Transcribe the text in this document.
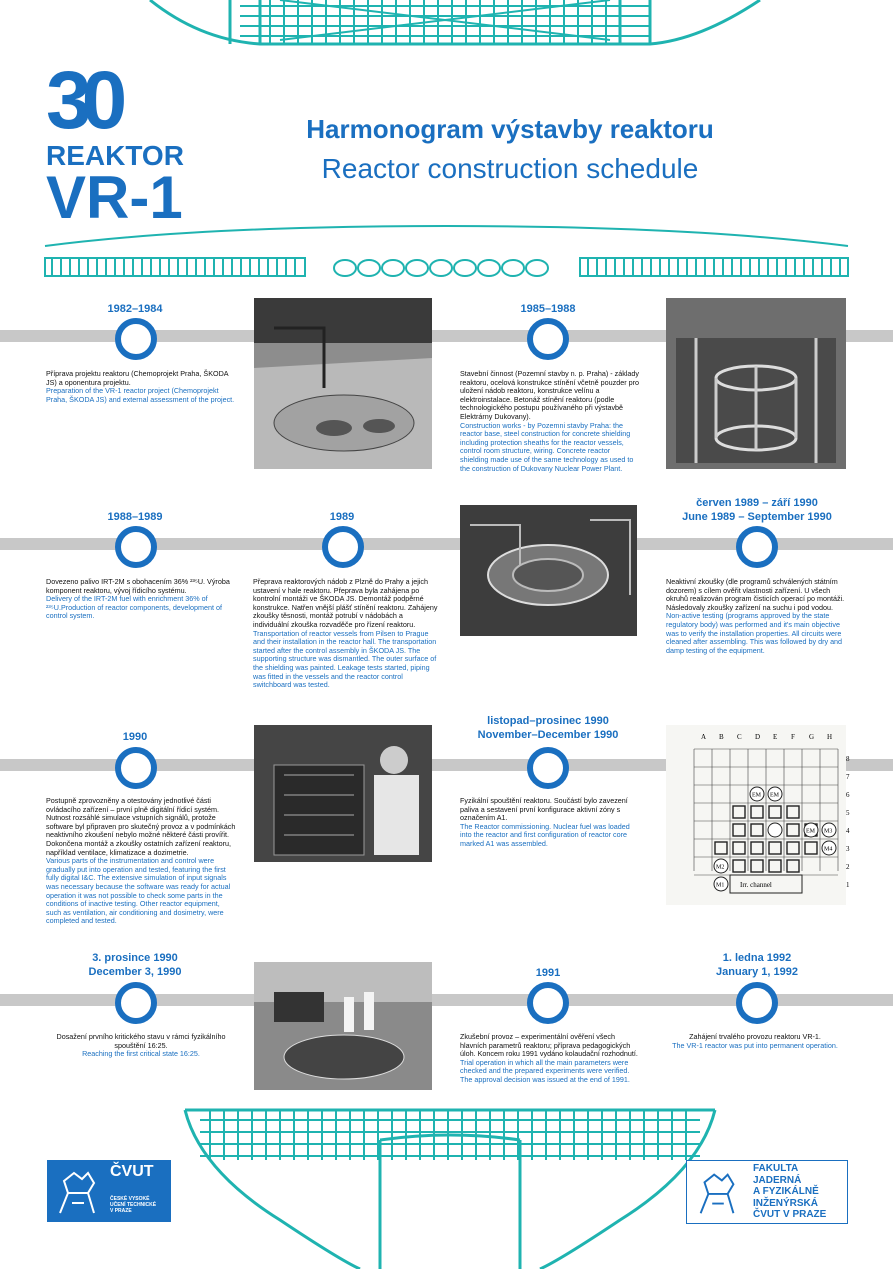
30
REAKTOR
VR-1
Harmonogram výstavby reaktoru
Reactor construction schedule
1982–1984
Příprava projektu reaktoru (Chemoprojekt Praha, ŠKODA JS) a oponentura projektu.
Preparation of the VR-1 reactor project (Chemoprojekt Praha, ŠKODA JS) and external assessment of the project.
1985–1988
Stavební činnost (Pozemní stavby n. p. Praha) - základy reaktoru, ocelová konstrukce stínění včetně pouzder pro uložení nádob reaktoru, konstrukce velínu a elektroinstalace. Betonáž stínění reaktoru (podle technologického postupu používaného při výstavbě Elektrárny Dukovany).
Construction works - by Pozemni stavby Praha: the reactor base, steel construction for concrete shielding including protection sheaths for the reactor vessels, control room structure, wiring. Concrete reactor shielding made use of the same technology as used to the construction of Dukovany Nuclear Power Plant.
1988–1989
Dovezeno palivo IRT-2M s obohacením 36% ²³⁵U. Výroba komponent reaktoru, vývoj řídicího systému.
Delivery of the IRT-2M fuel with enrichment 36% of ²³⁵U.Production of reactor components, development of control system.
1989
Přeprava reaktorových nádob z Plzně do Prahy a jejich ustavení v hale reaktoru. Přeprava byla zahájena po kontrolní montáži ve ŠKODA JS. Demontáž podpěrné konstrukce. Natřen vnější plášť stínění reaktoru. Zahájeny zkoušky těsnosti, montáž potrubí v nádobách a individuální zkouška rozvaděče pro řízení reaktoru.
Transportation of reactor vessels from Pilsen to Prague and their installation in the reactor hall. The transportation started after the control assembly in ŠKODA JS. The supporting structure was dismantled. The outer surface of the shielding was painted. Leakage tests started, piping was fitted in the vessels and the reactor control switchboard was tested.
červen 1989 – září 1990
June 1989 – September 1990
Neaktivní zkoušky (dle programů schválených státním dozorem) s cílem ověřit vlastnosti zařízení. U všech okruhů realizován program čisticích operací po montáži. Následovaly zkoušky zařízení na suchu i pod vodou.
Non-active testing (programs approved by the state regulatory body) was performed and it's main objective was to verify the installation properties. All circuits were cleaned after assembling. This was followed by dry and damp testing of the equipment.
1990
Postupně zprovozněny a otestovány jednotlivé části ovládacího zařízení – první plně digitální řídicí systém. Nutnost rozsáhlé simulace vstupních signálů, protože software byl připraven pro skutečný provoz a v podmínkách neaktivního zkoušení nebylo možné některé části provířit. Dokončena montáž a zkoušky ostatních zařízení reaktoru, například ventilace, klimatizace a dozimetrie.
Various parts of the instrumentation and control were gradually put into operation and tested, featuring the first fully digital I&C. The extensive simulation of input signals was necessary because the software was ready for actual operation it was not possible to check some parts in the conditions of inactive testing. Other reactor equipment, such as ventilation, air conditioning and dosimetry, were completed and tested.
listopad–prosinec 1990
November–December 1990
Fyzikální spouštění reaktoru. Součástí bylo zavezení paliva a sestavení první konfigurace aktivní zóny s označením A1.
The Reactor commissioning. Nuclear fuel was loaded into the reactor and first configuration of reactor core marked A1 was assembled.
A B C D E F G H
8
7
6
5
4
3
2
1
EM EM
EM M3
M4
M2
M1 Irr. channel
3. prosince 1990
December 3, 1990
Dosažení prvního kritického stavu v rámci fyzikálního spouštění 16:25.
Reaching the first critical state 16:25.
1991
Zkušební provoz – experimentální ověření všech hlavních parametrů reaktoru; příprava pedagogických úloh. Koncem roku 1991 vydáno kolaudační rozhodnutí.
Trial operation in which all the main parameters were checked and the prepared experiments were verified. The approval decision was issued at the end of 1991.
1. ledna 1992
January 1, 1992
Zahájení trvalého provozu reaktoru VR-1.
The VR-1 reactor was put into permanent operation.
ČVUT
ČESKÉ VYSOKÉ
UČENÍ TECHNICKÉ
V PRAZE
FAKULTA
JADERNÁ
A FYZIKÁLNĚ
INŽENÝRSKÁ
ČVUT V PRAZE
